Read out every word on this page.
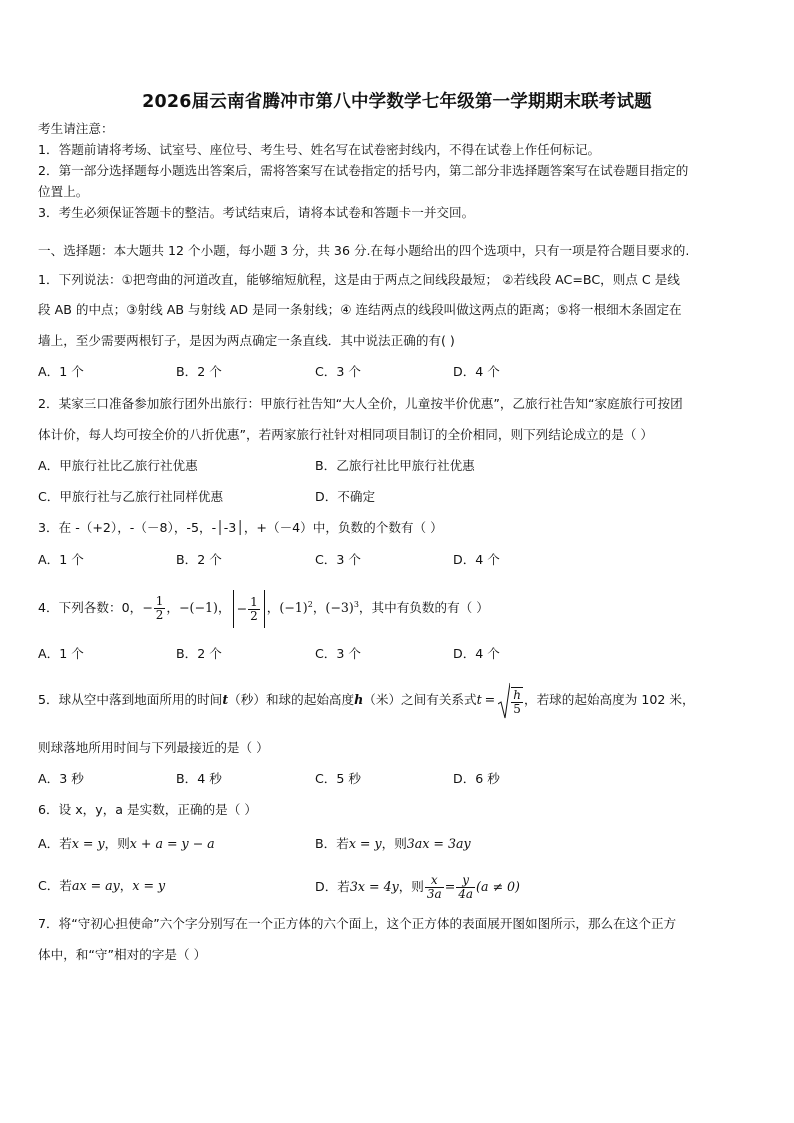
2026届云南省腾冲市第八中学数学七年级第一学期期末联考试题
考生请注意：
1．答题前请将考场、试室号、座位号、考生号、姓名写在试卷密封线内，不得在试卷上作任何标记。
2．第一部分选择题每小题选出答案后，需将答案写在试卷指定的括号内，第二部分非选择题答案写在试卷题目指定的
位置上。
3．考生必须保证答题卡的整洁。考试结束后，请将本试卷和答题卡一并交回。
一、选择题：本大题共 12 个小题，每小题 3 分，共 36 分.在每小题给出的四个选项中，只有一项是符合题目要求的.
1．下列说法：①把弯曲的河道改直，能够缩短航程，这是由于两点之间线段最短； ②若线段 AC=BC，则点 C 是线
段 AB 的中点；③射线 AB 与射线 AD 是同一条射线；④ 连结两点的线段叫做这两点的距离；⑤将一根细木条固定在
墙上，至少需要两根钉子，是因为两点确定一条直线．其中说法正确的有( )
A．1 个	B．2 个	C．3 个	D．4 个
2．某家三口准备参加旅行团外出旅行：甲旅行社告知“大人全价，儿童按半价优惠”，乙旅行社告知“家庭旅行可按团
体计价，每人均可按全价的八折优惠”，若两家旅行社针对相同项目制订的全价相同，则下列结论成立的是（ ）
A．甲旅行社比乙旅行社优惠	B．乙旅行社比甲旅行社优惠
C．甲旅行社与乙旅行社同样优惠	D．不确定
3．在 -（+2），-（－8），-5，-│-3│，+（－4）中，负数的个数有（ ）
A．1 个	B．2 个	C．3 个	D．4 个
4．下列各数：0，− $\frac{1}{2}$ ，−(−1)， − $\frac{1}{2}$ ，$(-1)^2$，$(-3)^3$，其中有负数的有（ ）
A．1 个	B．2 个	C．3 个	D．4 个
5．球从空中落到地面所用的时间t（秒）和球的起始高度h（米）之间有关系式$t = \frac{h}{5}$ ，若球的起始高度为 102 米，
则球落地所用时间与下列最接近的是（ ）
A．3 秒	B．4 秒	C．5 秒	D．6 秒
6．设 x，y，a 是实数，正确的是（ ）
A．若x = y，则x + a = y − a	B．若x = y，则3ax = 3ay
C．若ax = ay，x = y	D．若3x = 4y，则 $\frac{x}{3a} = \frac{y}{4a} (a \ne 0)$
7．将“守初心担使命”六个字分别写在一个正方体的六个面上，这个正方体的表面展开图如图所示，那么在这个正方
体中，和“守”相对的字是（ ）
